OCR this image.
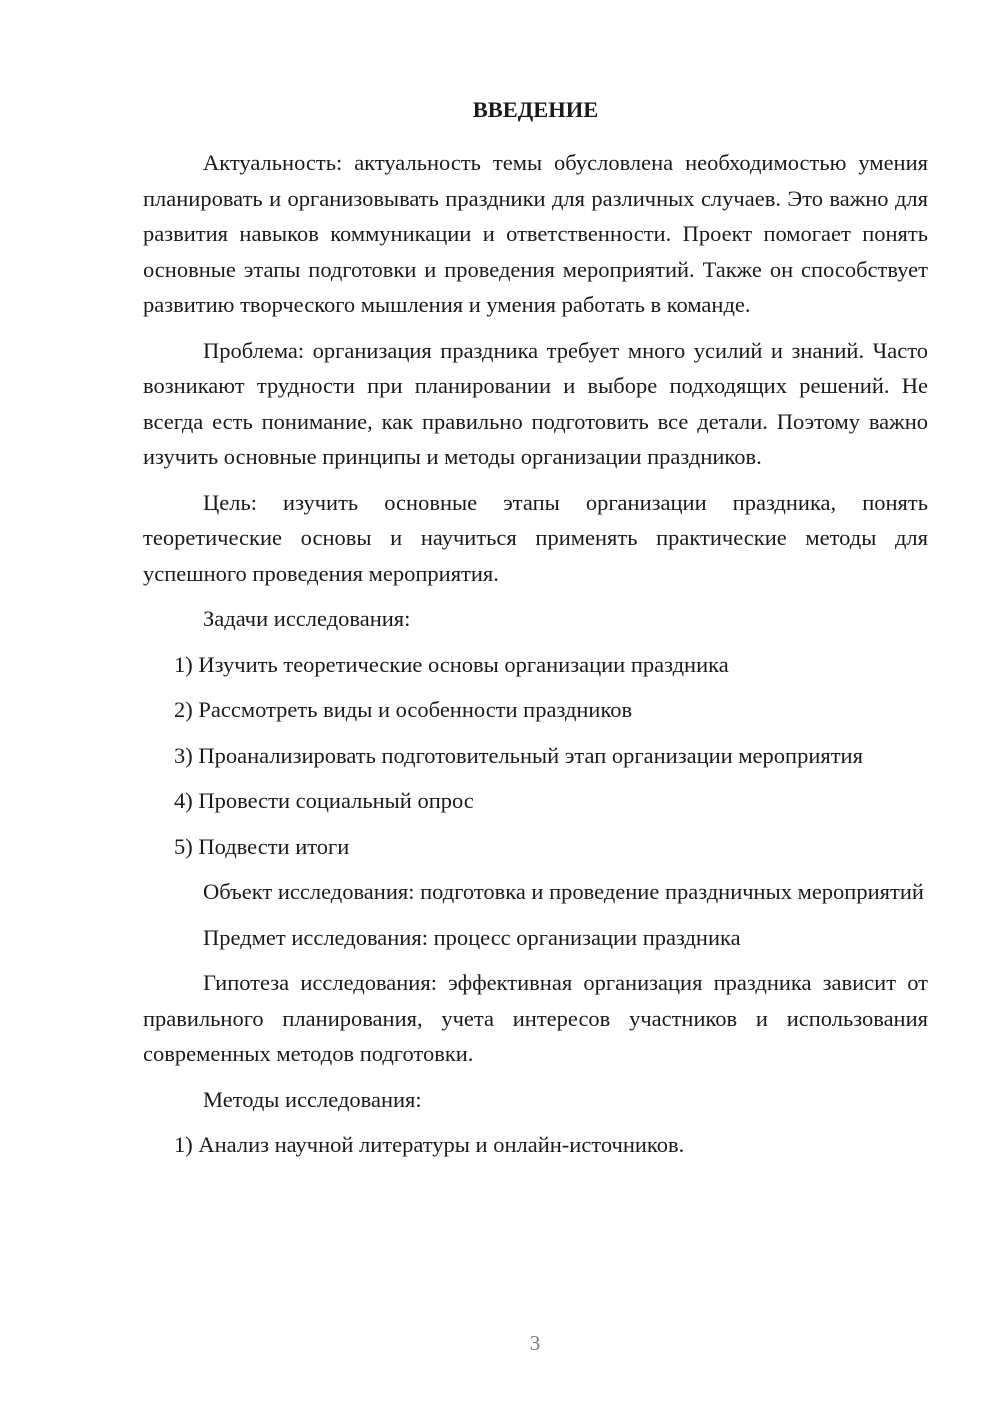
ВВЕДЕНИЕ

Актуальность: актуальность темы обусловлена необходимостью умения планировать и организовывать праздники для различных случаев. Это важно для развития навыков коммуникации и ответственности. Проект помогает понять основные этапы подготовки и проведения мероприятий. Также он способствует развитию творческого мышления и умения работать в команде.

Проблема: организация праздника требует много усилий и знаний. Часто возникают трудности при планировании и выборе подходящих решений. Не всегда есть понимание, как правильно подготовить все детали. Поэтому важно изучить основные принципы и методы организации праздников.

Цель: изучить основные этапы организации праздника, понять теоретические основы и научиться применять практические методы для успешного проведения мероприятия.

Задачи исследования:

1) Изучить теоретические основы организации праздника

2) Рассмотреть виды и особенности праздников

3) Проанализировать подготовительный этап организации мероприятия

4) Провести социальный опрос

5) Подвести итоги

Объект исследования: подготовка и проведение праздничных мероприятий

Предмет исследования: процесс организации праздника

Гипотеза исследования: эффективная организация праздника зависит от правильного планирования, учета интересов участников и использования современных методов подготовки.

Методы исследования:

1) Анализ научной литературы и онлайн-источников.

3
